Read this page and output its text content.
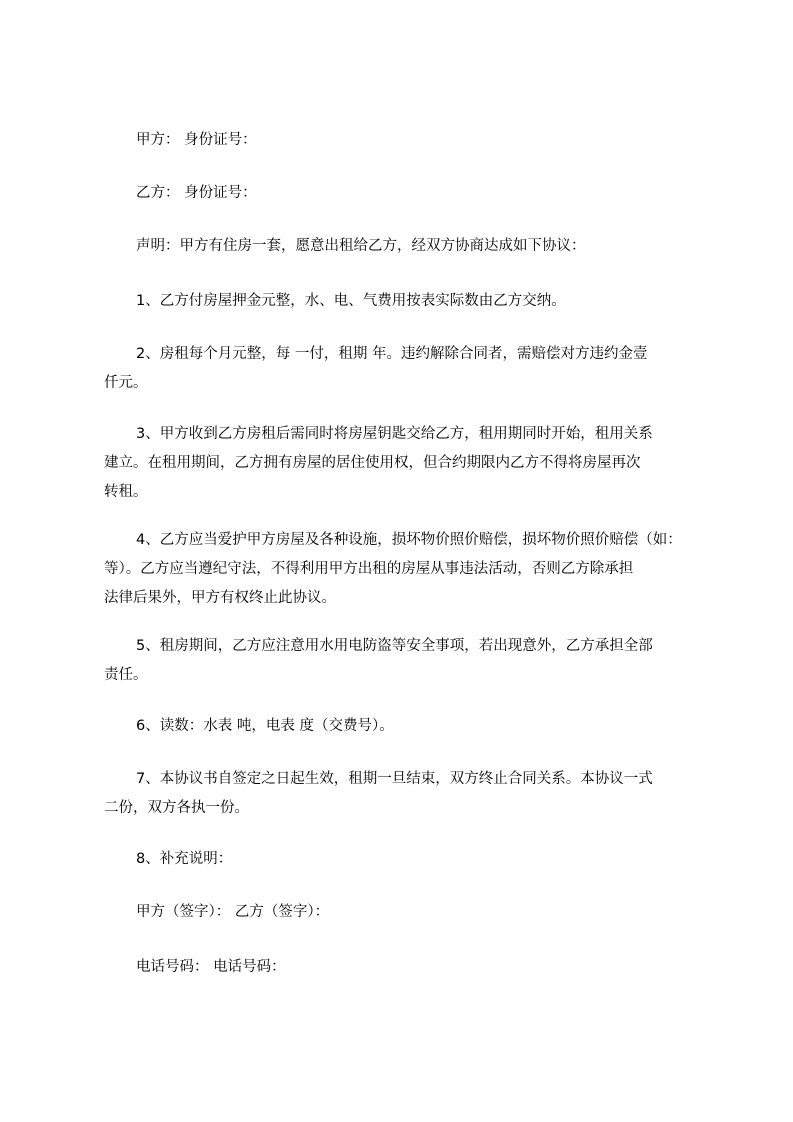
甲方： 身份证号：

乙方： 身份证号：

声明：甲方有住房一套，愿意出租给乙方，经双方协商达成如下协议：

1、乙方付房屋押金元整，水、电、气费用按表实际数由乙方交纳。

2、房租每个月元整，每 一付，租期 年。违约解除合同者，需赔偿对方违约金壹
仟元。

3、甲方收到乙方房租后需同时将房屋钥匙交给乙方，租用期同时开始，租用关系
建立。在租用期间，乙方拥有房屋的居住使用权，但合约期限内乙方不得将房屋再次
转租。

4、乙方应当爱护甲方房屋及各种设施，损坏物价照价赔偿，损坏物价照价赔偿（如：
等）。乙方应当遵纪守法，不得利用甲方出租的房屋从事违法活动，否则乙方除承担
法律后果外，甲方有权终止此协议。

5、租房期间，乙方应注意用水用电防盗等安全事项，若出现意外，乙方承担全部
责任。

6、读数：水表 吨，电表 度（交费号）。

7、本协议书自签定之日起生效，租期一旦结束，双方终止合同关系。本协议一式
二份，双方各执一份。

8、补充说明：

甲方（签字）： 乙方（签字）：

电话号码： 电话号码：
